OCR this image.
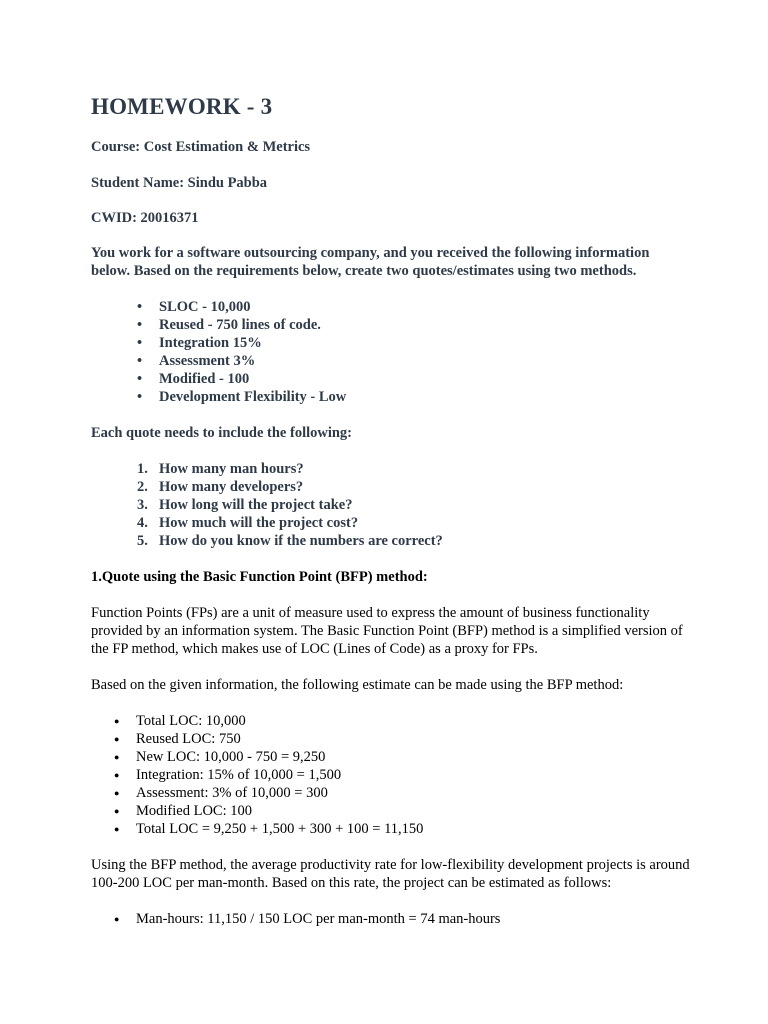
HOMEWORK - 3

Course: Cost Estimation & Metrics

Student Name: Sindu Pabba

CWID: 20016371

You work for a software outsourcing company, and you received the following information below. Based on the requirements below, create two quotes/estimates using two methods.

• SLOC - 10,000
• Reused - 750 lines of code.
• Integration 15%
• Assessment 3%
• Modified - 100
• Development Flexibility - Low

Each quote needs to include the following:

How many man hours?
How many developers?
How long will the project take?
How much will the project cost?
How do you know if the numbers are correct?

1.Quote using the Basic Function Point (BFP) method:

Function Points (FPs) are a unit of measure used to express the amount of business functionality provided by an information system. The Basic Function Point (BFP) method is a simplified version of the FP method, which makes use of LOC (Lines of Code) as a proxy for FPs.

Based on the given information, the following estimate can be made using the BFP method:

● Total LOC: 10,000
● Reused LOC: 750
● New LOC: 10,000 - 750 = 9,250
● Integration: 15% of 10,000 = 1,500
● Assessment: 3% of 10,000 = 300
● Modified LOC: 100
● Total LOC = 9,250 + 1,500 + 300 + 100 = 11,150

Using the BFP method, the average productivity rate for low-flexibility development projects is around 100-200 LOC per man-month. Based on this rate, the project can be estimated as follows:

● Man-hours: 11,150 / 150 LOC per man-month = 74 man-hours
